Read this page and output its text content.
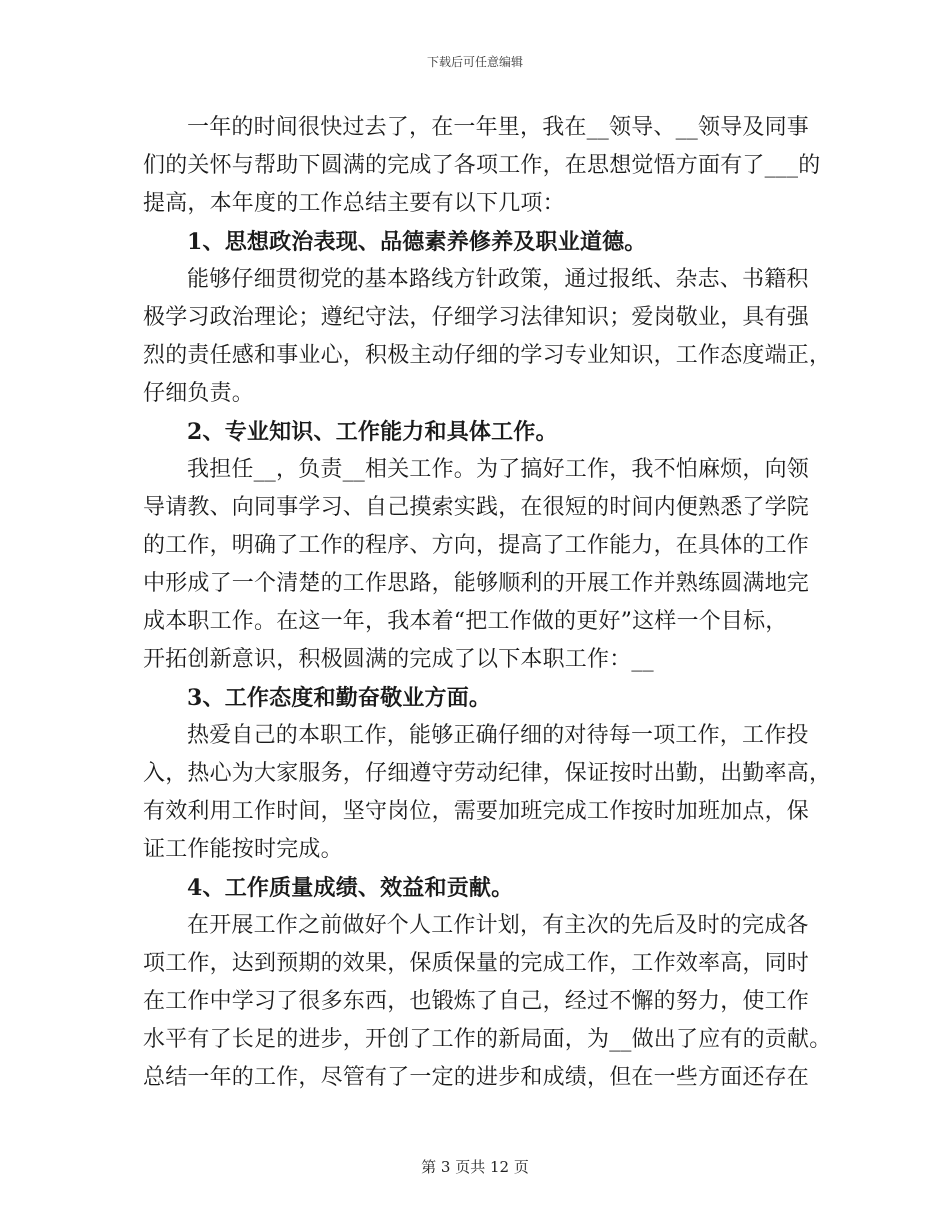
下载后可任意编辑
一年的时间很快过去了，在一年里，我在__领导、__领导及同事
们的关怀与帮助下圆满的完成了各项工作，在思想觉悟方面有了___的
提高，本年度的工作总结主要有以下几项：
1、思想政治表现、品德素养修养及职业道德。
能够仔细贯彻党的基本路线方针政策，通过报纸、杂志、书籍积
极学习政治理论；遵纪守法，仔细学习法律知识；爱岗敬业，具有强
烈的责任感和事业心，积极主动仔细的学习专业知识，工作态度端正，
仔细负责。
2、专业知识、工作能力和具体工作。
我担任__，负责__相关工作。为了搞好工作，我不怕麻烦，向领
导请教、向同事学习、自己摸索实践，在很短的时间内便熟悉了学院
的工作，明确了工作的程序、方向，提高了工作能力，在具体的工作
中形成了一个清楚的工作思路，能够顺利的开展工作并熟练圆满地完
成本职工作。在这一年，我本着“把工作做的更好”这样一个目标，
开拓创新意识，积极圆满的完成了以下本职工作：__
3、工作态度和勤奋敬业方面。
热爱自己的本职工作，能够正确仔细的对待每一项工作，工作投
入，热心为大家服务，仔细遵守劳动纪律，保证按时出勤，出勤率高，
有效利用工作时间，坚守岗位，需要加班完成工作按时加班加点，保
证工作能按时完成。
4、工作质量成绩、效益和贡献。
在开展工作之前做好个人工作计划，有主次的先后及时的完成各
项工作，达到预期的效果，保质保量的完成工作，工作效率高，同时
在工作中学习了很多东西，也锻炼了自己，经过不懈的努力，使工作
水平有了长足的进步，开创了工作的新局面，为__做出了应有的贡献。
总结一年的工作，尽管有了一定的进步和成绩，但在一些方面还存在
第 3 页共 12 页
